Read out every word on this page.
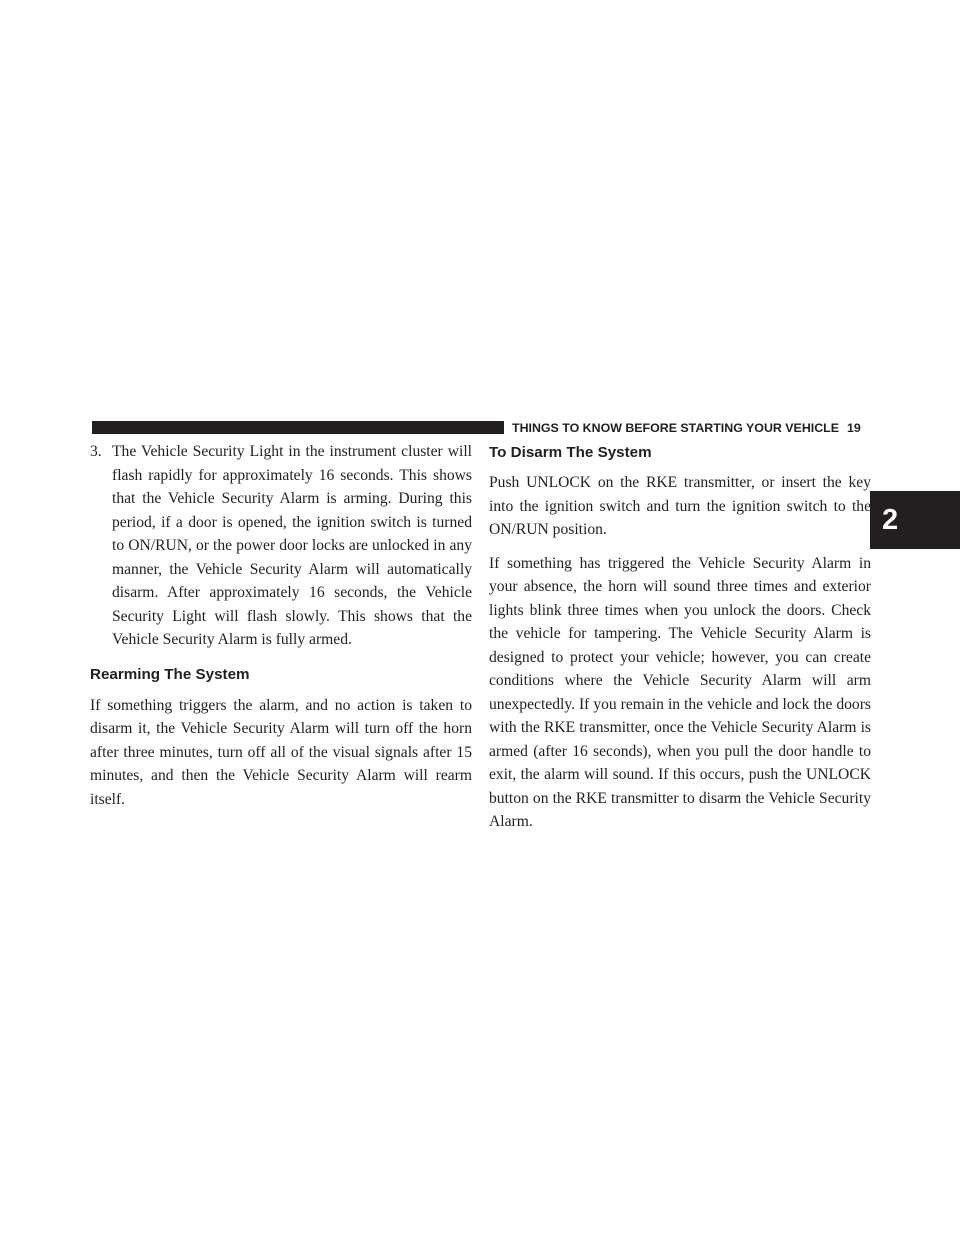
THINGS TO KNOW BEFORE STARTING YOUR VEHICLE 19
2
3. The Vehicle Security Light in the instrument cluster will flash rapidly for approximately 16 seconds. This shows that the Vehicle Security Alarm is arming. During this period, if a door is opened, the ignition switch is turned to ON/RUN, or the power door locks are unlocked in any manner, the Vehicle Security Alarm will automatically disarm. After approximately 16 seconds, the Vehicle Security Light will flash slowly. This shows that the Vehicle Security Alarm is fully armed.
Rearming The System

If something triggers the alarm, and no action is taken to disarm it, the Vehicle Security Alarm will turn off the horn after three minutes, turn off all of the visual signals after 15 minutes, and then the Vehicle Security Alarm will rearm itself.

To Disarm The System

Push UNLOCK on the RKE transmitter, or insert the key into the ignition switch and turn the ignition switch to the ON/RUN position.

If something has triggered the Vehicle Security Alarm in your absence, the horn will sound three times and exterior lights blink three times when you unlock the doors. Check the vehicle for tampering. The Vehicle Security Alarm is designed to protect your vehicle; however, you can create conditions where the Vehicle Security Alarm will arm unexpectedly. If you remain in the vehicle and lock the doors with the RKE transmitter, once the Vehicle Security Alarm is armed (after 16 seconds), when you pull the door handle to exit, the alarm will sound. If this occurs, push the UNLOCK button on the RKE transmitter to disarm the Vehicle Security Alarm.
